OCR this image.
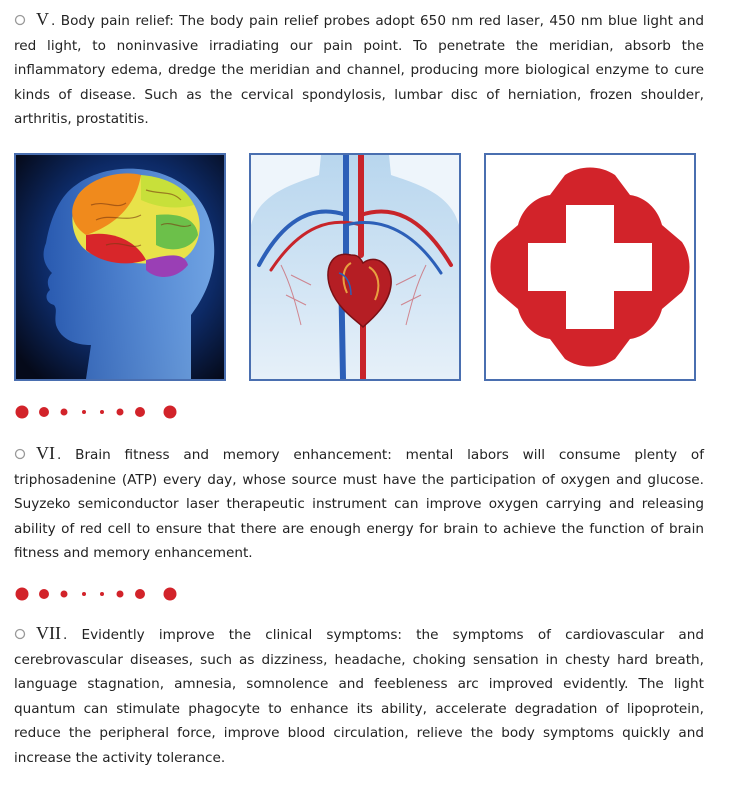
V . Body pain relief: The body pain relief probes adopt 650 nm red laser, 450 nm blue light and red light, to noninvasive irradiating our pain point. To penetrate the meridian, absorb the inflammatory edema, dredge the meridian and channel, producing more biological enzyme to cure kinds of disease. Such as the cervical spondylosis, lumbar disc of herniation, frozen shoulder, arthritis, prostatitis.

VI . Brain fitness and memory enhancement: mental labors will consume plenty of triphosadenine (ATP) every day, whose source must have the participation of oxygen and glucose. Suyzeko semiconductor laser therapeutic instrument can improve oxygen carrying and releasing ability of red cell to ensure that there are enough energy for brain to achieve the function of brain fitness and memory enhancement.

VII . Evidently improve the clinical symptoms: the symptoms of cardiovascular and cerebrovascular diseases, such as dizziness, headache, choking sensation in chesty hard breath, language stagnation, amnesia, somnolence and feebleness arc improved evidently. The light quantum can stimulate phagocyte to enhance its ability, accelerate degradation of lipoprotein, reduce the peripheral force, improve blood circulation, relieve the body symptoms quickly and increase the activity tolerance.
